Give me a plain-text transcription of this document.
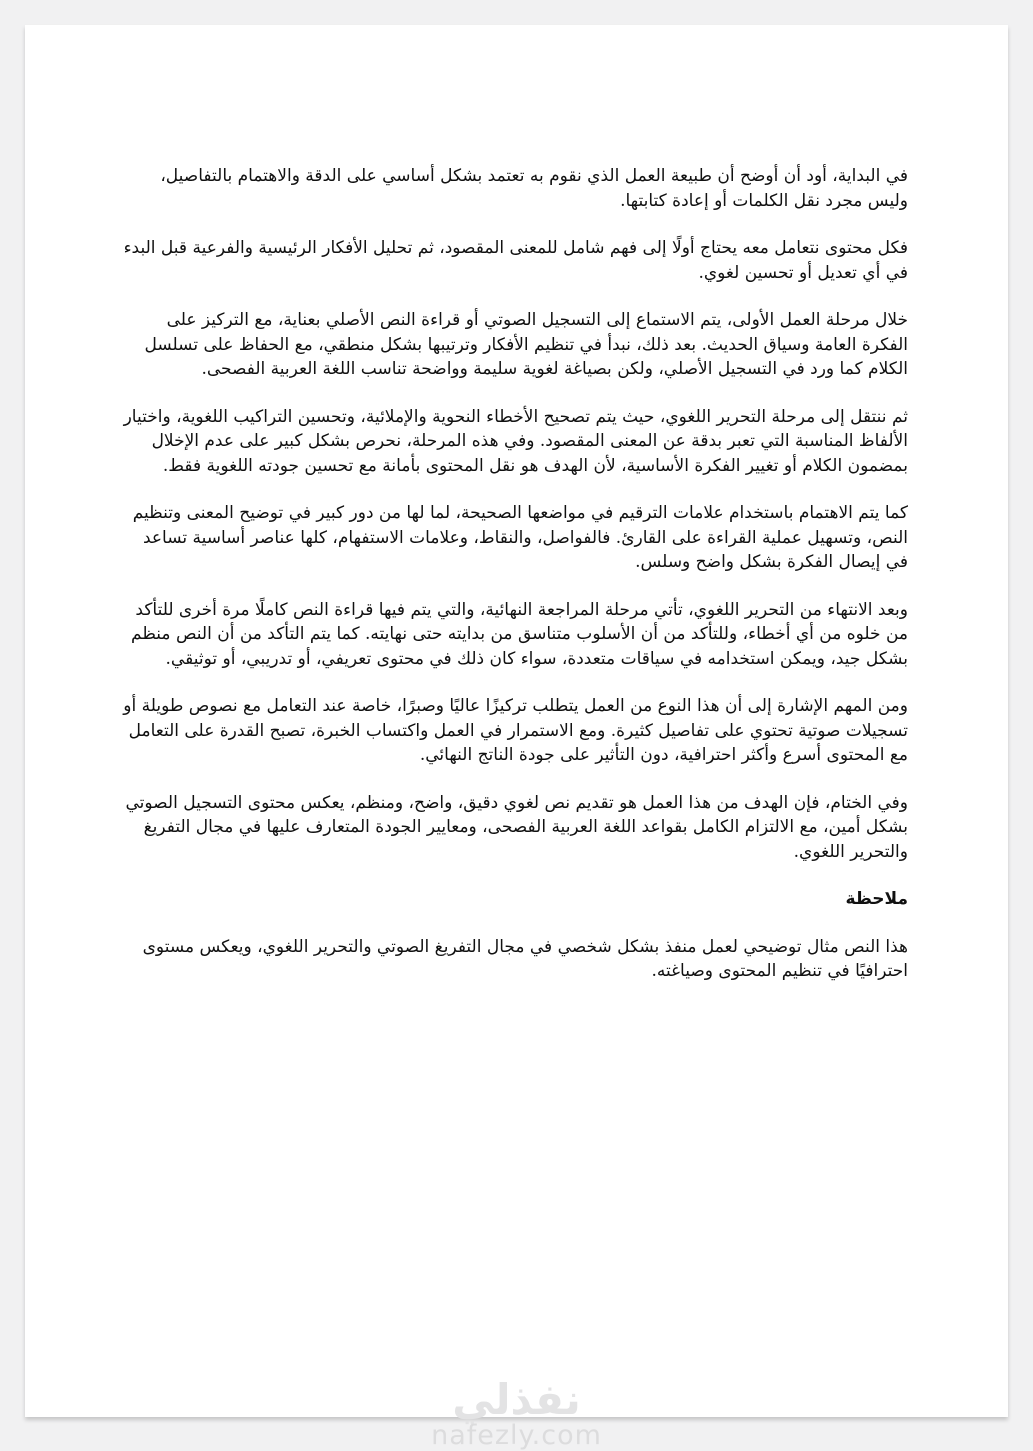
في البداية، أود أن أوضح أن طبيعة العمل الذي نقوم به تعتمد بشكل أساسي على الدقة والاهتمام بالتفاصيل، وليس مجرد نقل الكلمات أو إعادة كتابتها.

فكل محتوى نتعامل معه يحتاج أولًا إلى فهم شامل للمعنى المقصود، ثم تحليل الأفكار الرئيسية والفرعية قبل البدء في أي تعديل أو تحسين لغوي.

خلال مرحلة العمل الأولى، يتم الاستماع إلى التسجيل الصوتي أو قراءة النص الأصلي بعناية، مع التركيز على الفكرة العامة وسياق الحديث. بعد ذلك، نبدأ في تنظيم الأفكار وترتيبها بشكل منطقي، مع الحفاظ على تسلسل الكلام كما ورد في التسجيل الأصلي، ولكن بصياغة لغوية سليمة وواضحة تناسب اللغة العربية الفصحى.

ثم ننتقل إلى مرحلة التحرير اللغوي، حيث يتم تصحيح الأخطاء النحوية والإملائية، وتحسين التراكيب اللغوية، واختيار الألفاظ المناسبة التي تعبر بدقة عن المعنى المقصود. وفي هذه المرحلة، نحرص بشكل كبير على عدم الإخلال بمضمون الكلام أو تغيير الفكرة الأساسية، لأن الهدف هو نقل المحتوى بأمانة مع تحسين جودته اللغوية فقط.

كما يتم الاهتمام باستخدام علامات الترقيم في مواضعها الصحيحة، لما لها من دور كبير في توضيح المعنى وتنظيم النص، وتسهيل عملية القراءة على القارئ. فالفواصل، والنقاط، وعلامات الاستفهام، كلها عناصر أساسية تساعد في إيصال الفكرة بشكل واضح وسلس.

وبعد الانتهاء من التحرير اللغوي، تأتي مرحلة المراجعة النهائية، والتي يتم فيها قراءة النص كاملًا مرة أخرى للتأكد من خلوه من أي أخطاء، وللتأكد من أن الأسلوب متناسق من بدايته حتى نهايته. كما يتم التأكد من أن النص منظم بشكل جيد، ويمكن استخدامه في سياقات متعددة، سواء كان ذلك في محتوى تعريفي، أو تدريبي، أو توثيقي.

ومن المهم الإشارة إلى أن هذا النوع من العمل يتطلب تركيزًا عاليًا وصبرًا، خاصة عند التعامل مع نصوص طويلة أو تسجيلات صوتية تحتوي على تفاصيل كثيرة. ومع الاستمرار في العمل واكتساب الخبرة، تصبح القدرة على التعامل مع المحتوى أسرع وأكثر احترافية، دون التأثير على جودة الناتج النهائي.

وفي الختام، فإن الهدف من هذا العمل هو تقديم نص لغوي دقيق، واضح، ومنظم، يعكس محتوى التسجيل الصوتي بشكل أمين، مع الالتزام الكامل بقواعد اللغة العربية الفصحى، ومعايير الجودة المتعارف عليها في مجال التفريغ والتحرير اللغوي.

ملاحظة

هذا النص مثال توضيحي لعمل منفذ بشكل شخصي في مجال التفريغ الصوتي والتحرير اللغوي، ويعكس مستوى احترافيًا في تنظيم المحتوى وصياغته.

نفذلي
nafezly.com
